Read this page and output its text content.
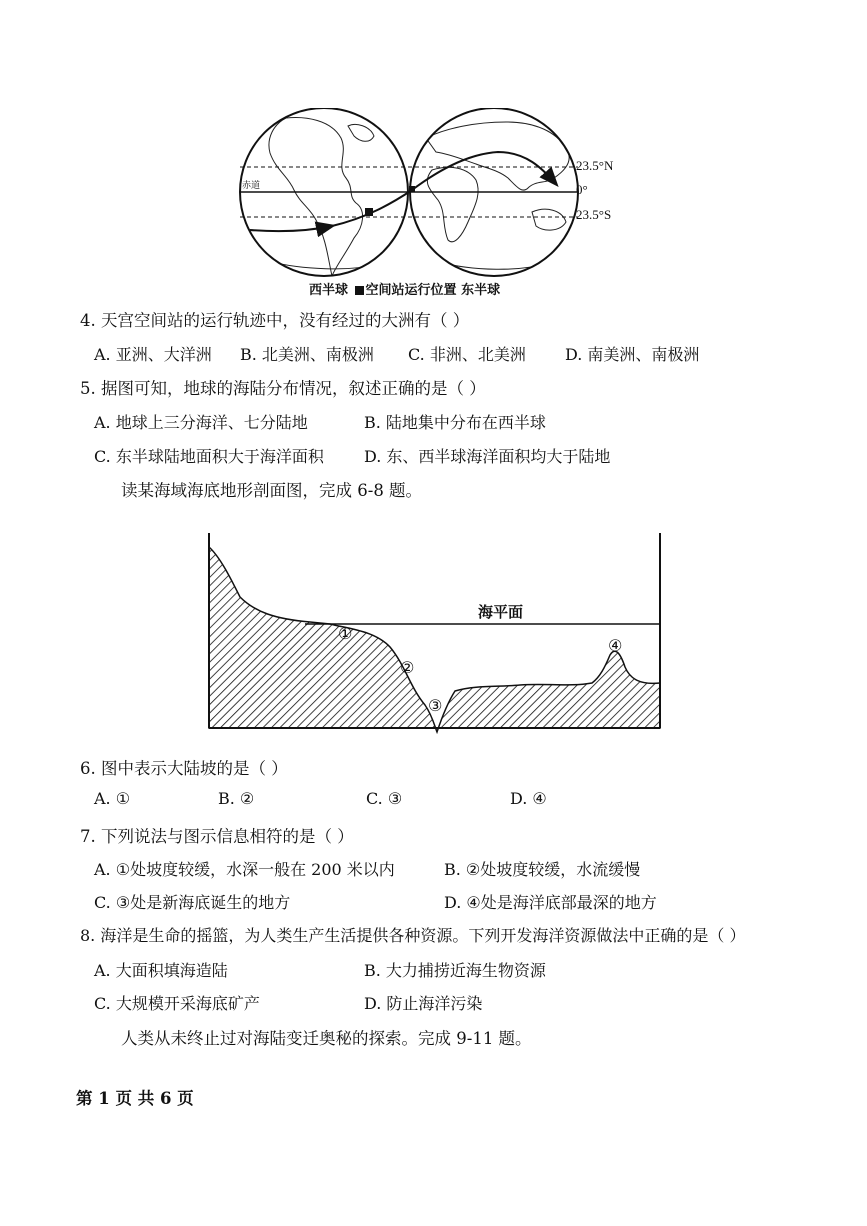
赤道
23.5°N
0°
23.5°S
西半球 空间站运行位置 东半球
4. 天宫空间站的运行轨迹中，没有经过的大洲有（ ）
A. 亚洲、大洋洲 B. 北美洲、南极洲 C. 非洲、北美洲 D. 南美洲、南极洲
5. 据图可知，地球的海陆分布情况，叙述正确的是（ ）
A. 地球上三分海洋、七分陆地	B. 陆地集中分布在西半球
C. 东半球陆地面积大于海洋面积	D. 东、西半球海洋面积均大于陆地
读某海域海底地形剖面图，完成 6-8 题。
海平面
①
②
③
④
6. 图中表示大陆坡的是（ ）
A. ①	B. ②	C. ③	D. ④
7. 下列说法与图示信息相符的是（ ）
A. ①处坡度较缓，水深一般在 200 米以内	B. ②处坡度较缓，水流缓慢
C. ③处是新海底诞生的地方	D. ④处是海洋底部最深的地方
8. 海洋是生命的摇篮，为人类生产生活提供各种资源。下列开发海洋资源做法中正确的是（ ）
A. 大面积填海造陆	B. 大力捕捞近海生物资源
C. 大规模开采海底矿产	D. 防止海洋污染
人类从未终止过对海陆变迁奥秘的探索。完成 9-11 题。
第 1 页 共 6 页
